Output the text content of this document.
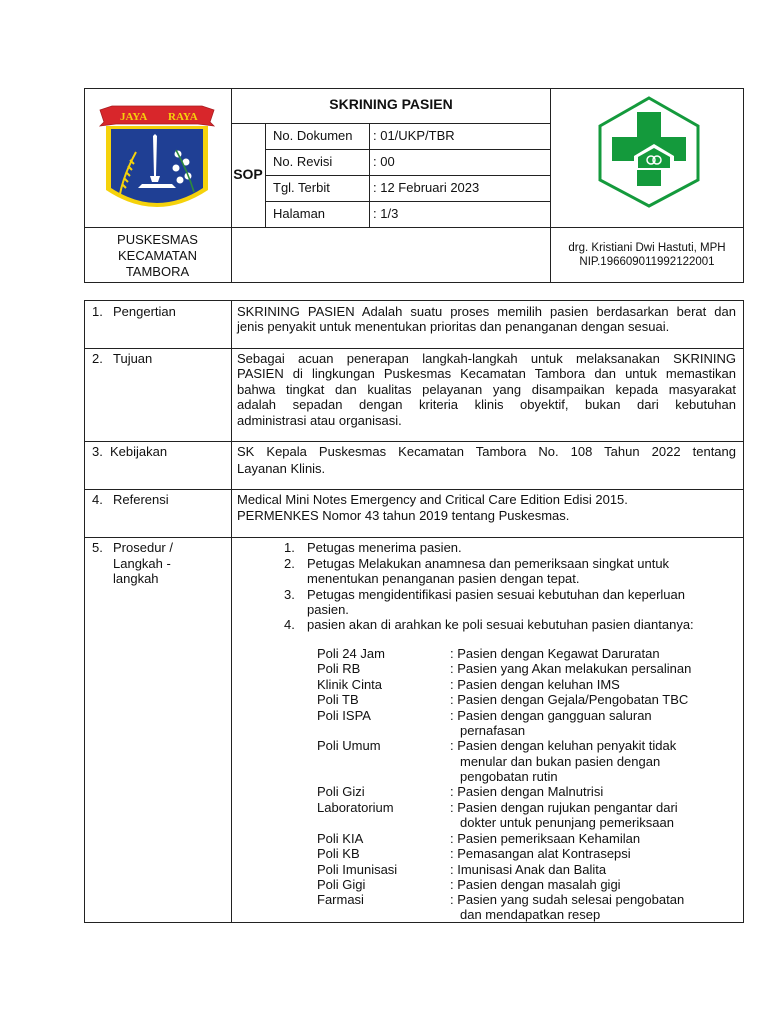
JAYA RAYA
SKRINING PASIEN
SOP
No. Dokumen : 01/UKP/TBR
No. Revisi	: 00
Tgl. Terbit	: 12 Februari 2023
Halaman	: 1/3
PUSKESMAS
KECAMATAN
TAMBORA
drg. Kristiani Dwi Hastuti, MPH
NIP.196609011992122001
1. Pengertian	SKRINING PASIEN Adalah suatu proses memilih pasien berdasarkan berat dan
jenis penyakit untuk menentukan prioritas dan penanganan dengan sesuai.
2. Tujuan	Sebagai acuan penerapan langkah-langkah untuk melaksanakan SKRINING
PASIEN di lingkungan Puskesmas Kecamatan Tambora dan untuk memastikan
bahwa tingkat dan kualitas pelayanan yang disampaikan kepada masyarakat
adalah sepadan dengan kriteria klinis obyektif, bukan dari kebutuhan
administrasi atau organisasi.
3. Kebijakan	SK Kepala Puskesmas Kecamatan Tambora No. 108 Tahun 2022 tentang
Layanan Klinis.
4. Referensi	Medical Mini Notes Emergency and Critical Care Edition Edisi 2015.
PERMENKES Nomor 43 tahun 2019 tentang Puskesmas.
5. Prosedur /
Langkah -
langkah
1. Petugas menerima pasien.
2. Petugas Melakukan anamnesa dan pemeriksaan singkat untuk
menentukan penanganan pasien dengan tepat.
3. Petugas mengidentifikasi pasien sesuai kebutuhan dan keperluan
pasien.
4. pasien akan di arahkan ke poli sesuai kebutuhan pasien diantanya:
Poli 24 Jam	: Pasien dengan Kegawat Daruratan
Poli RB	: Pasien yang Akan melakukan persalinan
Klinik Cinta	: Pasien dengan keluhan IMS
Poli TB	: Pasien dengan Gejala/Pengobatan TBC
Poli ISPA	: Pasien dengan gangguan saluran
pernafasan
Poli Umum	: Pasien dengan keluhan penyakit tidak
menular dan bukan pasien dengan
pengobatan rutin
Poli Gizi	: Pasien dengan Malnutrisi
Laboratorium	: Pasien dengan rujukan pengantar dari
dokter untuk penunjang pemeriksaan
Poli KIA	: Pasien pemeriksaan Kehamilan
Poli KB	: Pemasangan alat Kontrasepsi
Poli Imunisasi	: Imunisasi Anak dan Balita
Poli Gigi	: Pasien dengan masalah gigi
Farmasi	: Pasien yang sudah selesai pengobatan
dan mendapatkan resep
